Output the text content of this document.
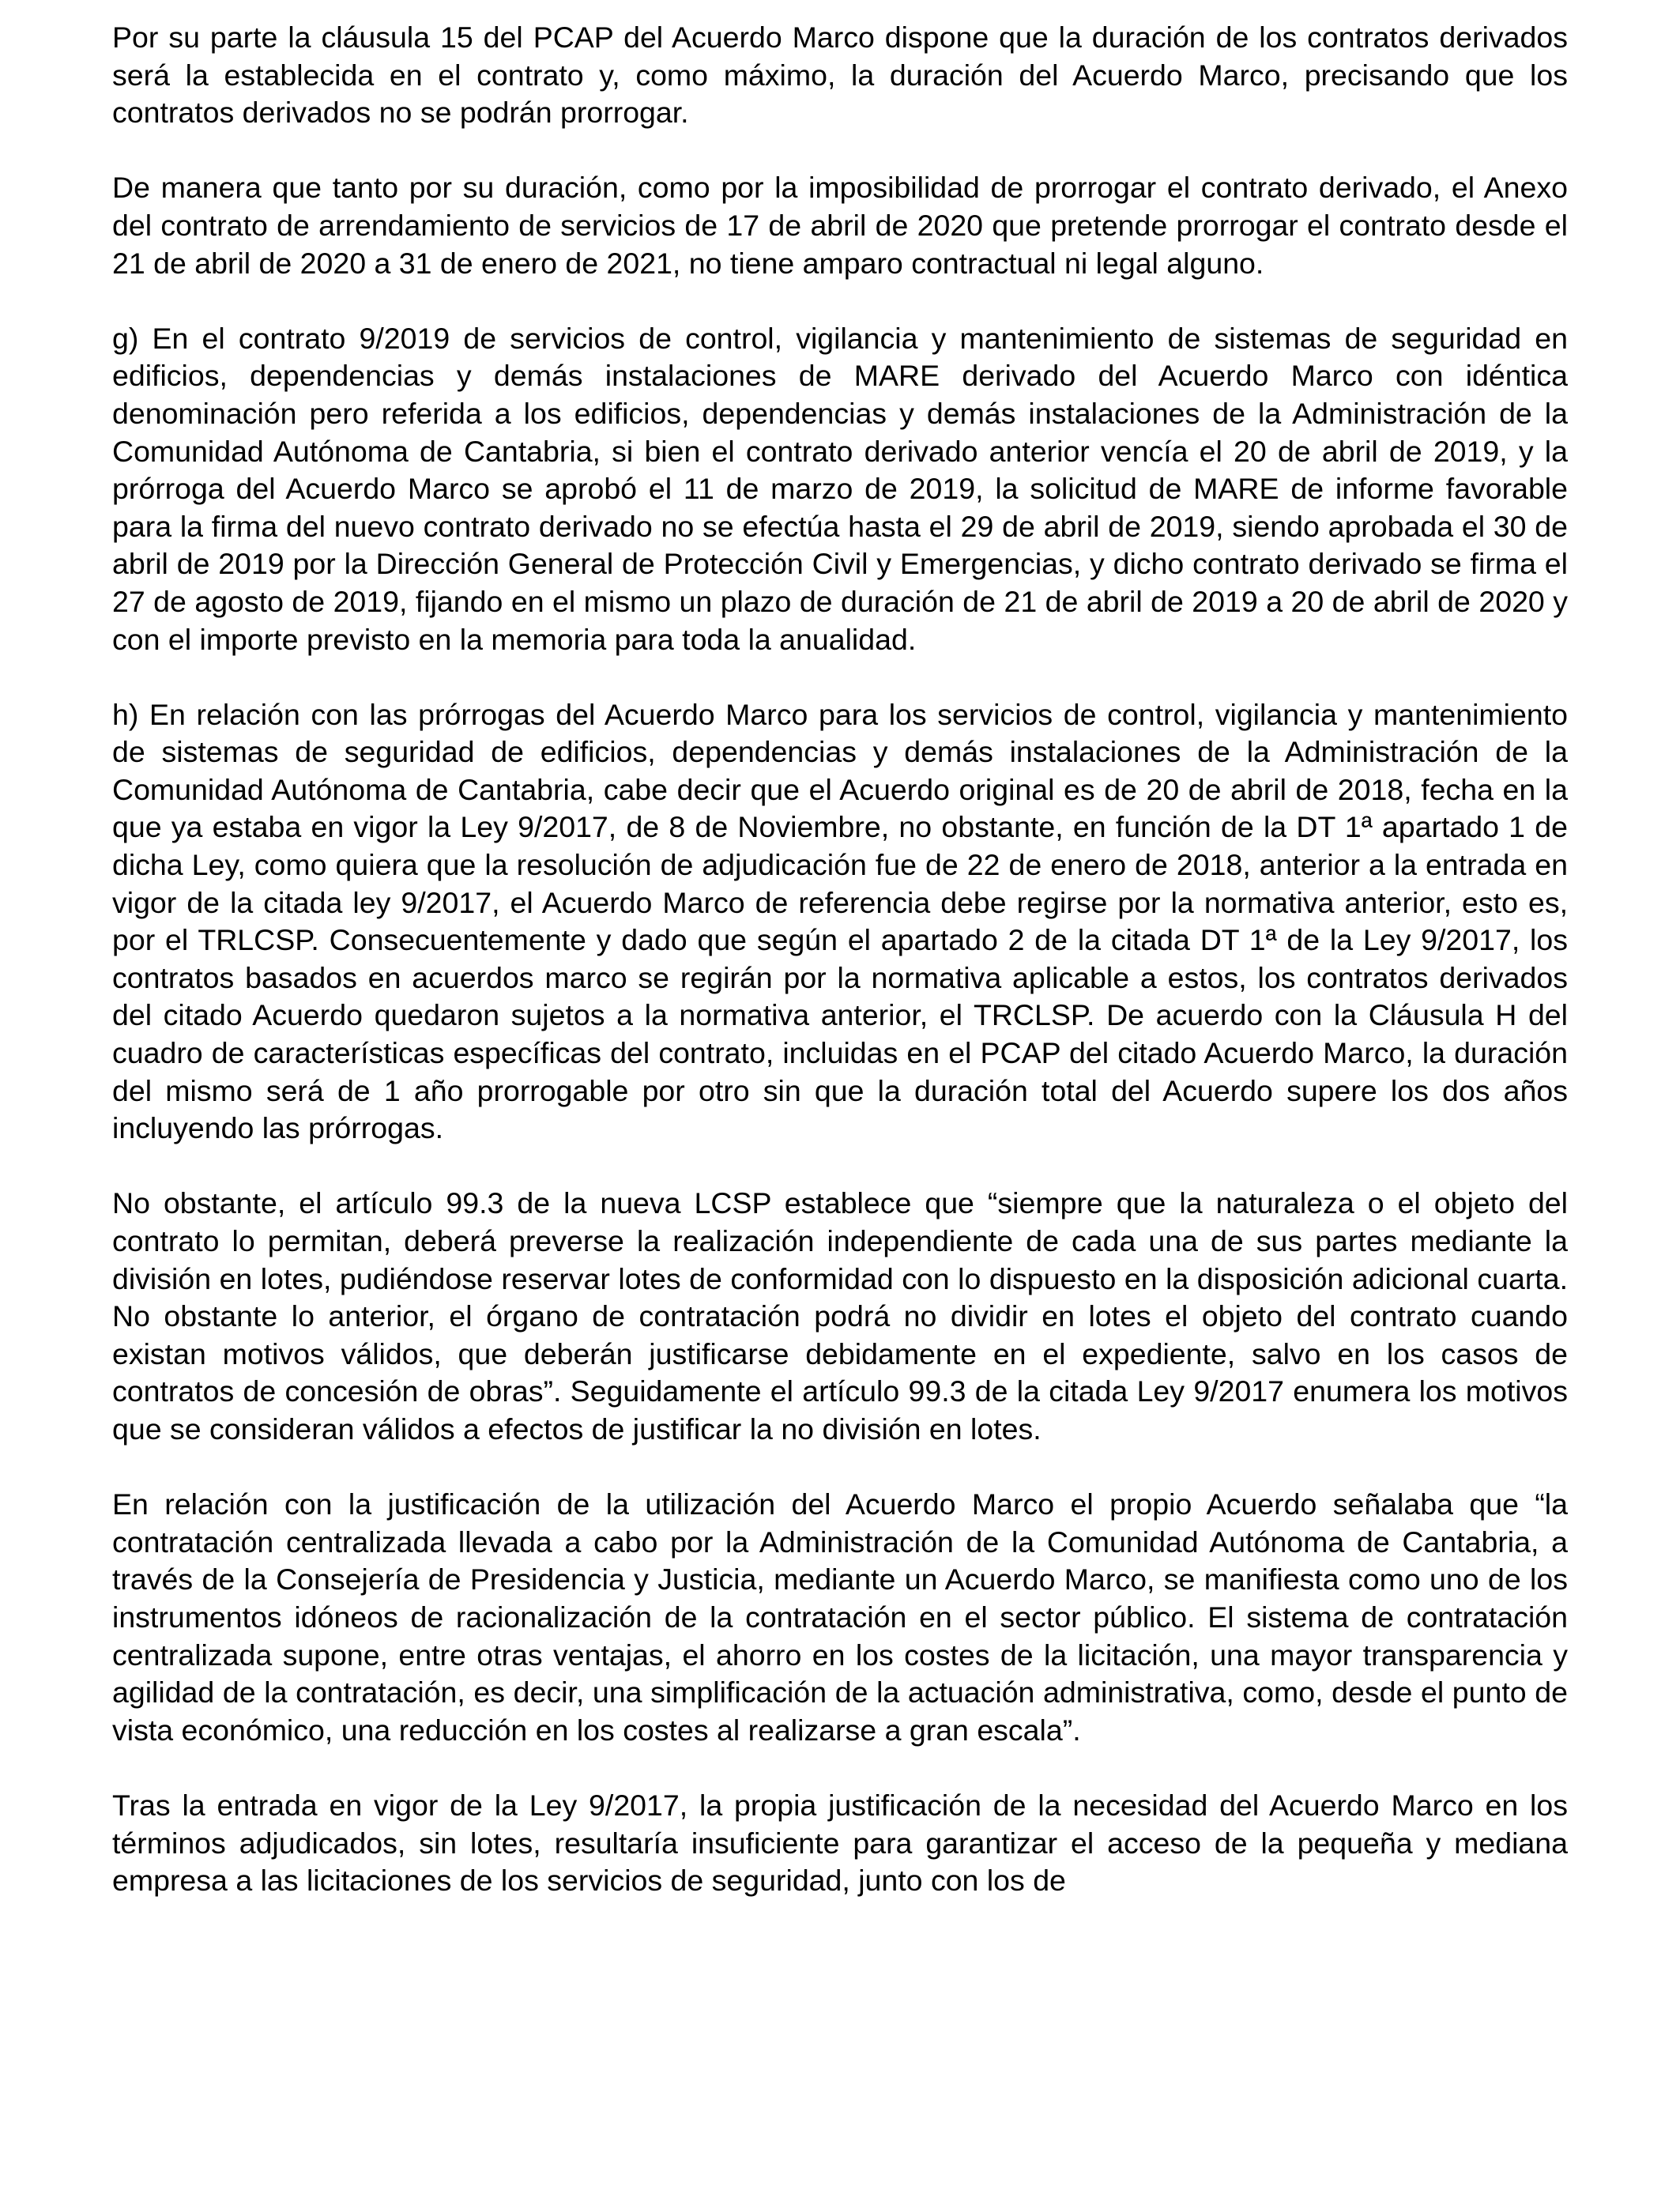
Por su parte la cláusula 15 del PCAP del Acuerdo Marco dispone que la duración de los contratos derivados será la establecida en el contrato y, como máximo, la duración del Acuerdo Marco, precisando que los contratos derivados no se podrán prorrogar.

De manera que tanto por su duración, como por la imposibilidad de prorrogar el contrato derivado, el Anexo del contrato de arrendamiento de servicios de 17 de abril de 2020 que pretende prorrogar el contrato desde el 21 de abril de 2020 a 31 de enero de 2021, no tiene amparo contractual ni legal alguno.

g) En el contrato 9/2019 de servicios de control, vigilancia y mantenimiento de sistemas de seguridad en edificios, dependencias y demás instalaciones de MARE derivado del Acuerdo Marco con idéntica denominación pero referida a los edificios, dependencias y demás instalaciones de la Administración de la Comunidad Autónoma de Cantabria, si bien el contrato derivado anterior vencía el 20 de abril de 2019, y la prórroga del Acuerdo Marco se aprobó el 11 de marzo de 2019, la solicitud de MARE de informe favorable para la firma del nuevo contrato derivado no se efectúa hasta el 29 de abril de 2019, siendo aprobada el 30 de abril de 2019 por la Dirección General de Protección Civil y Emergencias, y dicho contrato derivado se firma el 27 de agosto de 2019, fijando en el mismo un plazo de duración de 21 de abril de 2019 a 20 de abril de 2020 y con el importe previsto en la memoria para toda la anualidad.

h) En relación con las prórrogas del Acuerdo Marco para los servicios de control, vigilancia y mantenimiento de sistemas de seguridad de edificios, dependencias y demás instalaciones de la Administración de la Comunidad Autónoma de Cantabria, cabe decir que el Acuerdo original es de 20 de abril de 2018, fecha en la que ya estaba en vigor la Ley 9/2017, de 8 de Noviembre, no obstante, en función de la DT 1ª apartado 1 de dicha Ley, como quiera que la resolución de adjudicación fue de 22 de enero de 2018, anterior a la entrada en vigor de la citada ley 9/2017, el Acuerdo Marco de referencia debe regirse por la normativa anterior, esto es, por el TRLCSP. Consecuentemente y dado que según el apartado 2 de la citada DT 1ª de la Ley 9/2017, los contratos basados en acuerdos marco se regirán por la normativa aplicable a estos, los contratos derivados del citado Acuerdo quedaron sujetos a la normativa anterior, el TRCLSP. De acuerdo con la Cláusula H del cuadro de características específicas del contrato, incluidas en el PCAP del citado Acuerdo Marco, la duración del mismo será de 1 año prorrogable por otro sin que la duración total del Acuerdo supere los dos años incluyendo las prórrogas.

No obstante, el artículo 99.3 de la nueva LCSP establece que “siempre que la naturaleza o el objeto del contrato lo permitan, deberá preverse la realización independiente de cada una de sus partes mediante la división en lotes, pudiéndose reservar lotes de conformidad con lo dispuesto en la disposición adicional cuarta. No obstante lo anterior, el órgano de contratación podrá no dividir en lotes el objeto del contrato cuando existan motivos válidos, que deberán justificarse debidamente en el expediente, salvo en los casos de contratos de concesión de obras”. Seguidamente el artículo 99.3 de la citada Ley 9/2017 enumera los motivos que se consideran válidos a efectos de justificar la no división en lotes.

En relación con la justificación de la utilización del Acuerdo Marco el propio Acuerdo señalaba que “la contratación centralizada llevada a cabo por la Administración de la Comunidad Autónoma de Cantabria, a través de la Consejería de Presidencia y Justicia, mediante un Acuerdo Marco, se manifiesta como uno de los instrumentos idóneos de racionalización de la contratación en el sector público. El sistema de contratación centralizada supone, entre otras ventajas, el ahorro en los costes de la licitación, una mayor transparencia y agilidad de la contratación, es decir, una simplificación de la actuación administrativa, como, desde el punto de vista económico, una reducción en los costes al realizarse a gran escala”.

Tras la entrada en vigor de la Ley 9/2017, la propia justificación de la necesidad del Acuerdo Marco en los términos adjudicados, sin lotes, resultaría insuficiente para garantizar el acceso de la pequeña y mediana empresa a las licitaciones de los servicios de seguridad, junto con los de
